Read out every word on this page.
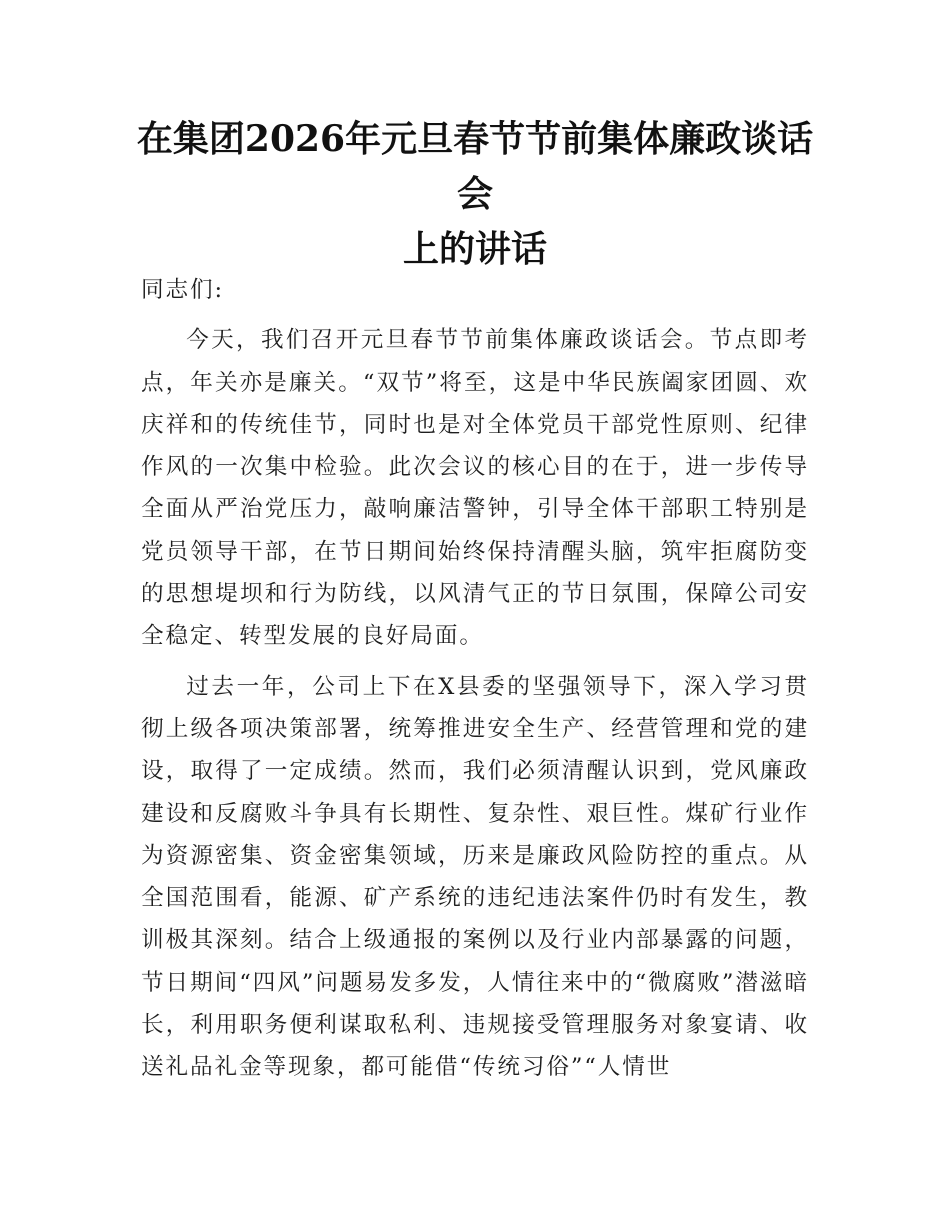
在集团2026年元旦春节节前集体廉政谈话会
上的讲话

同志们:

今天，我们召开元旦春节节前集体廉政谈话会。节点即考点，年关亦是廉关。“双节”将至，这是中华民族阖家团圆、欢庆祥和的传统佳节，同时也是对全体党员干部党性原则、纪律作风的一次集中检验。此次会议的核心目的在于，进一步传导全面从严治党压力，敲响廉洁警钟，引导全体干部职工特别是党员领导干部，在节日期间始终保持清醒头脑，筑牢拒腐防变的思想堤坝和行为防线，以风清气正的节日氛围，保障公司安全稳定、转型发展的良好局面。

过去一年，公司上下在X县委的坚强领导下，深入学习贯彻上级各项决策部署，统筹推进安全生产、经营管理和党的建设，取得了一定成绩。然而，我们必须清醒认识到，党风廉政建设和反腐败斗争具有长期性、复杂性、艰巨性。煤矿行业作为资源密集、资金密集领域，历来是廉政风险防控的重点。从全国范围看，能源、矿产系统的违纪违法案件仍时有发生，教训极其深刻。结合上级通报的案例以及行业内部暴露的问题，节日期间“四风”问题易发多发，人情往来中的“微腐败”潜滋暗长，利用职务便利谋取私利、违规接受管理服务对象宴请、收送礼品礼金等现象，都可能借“传统习俗”“人情世
